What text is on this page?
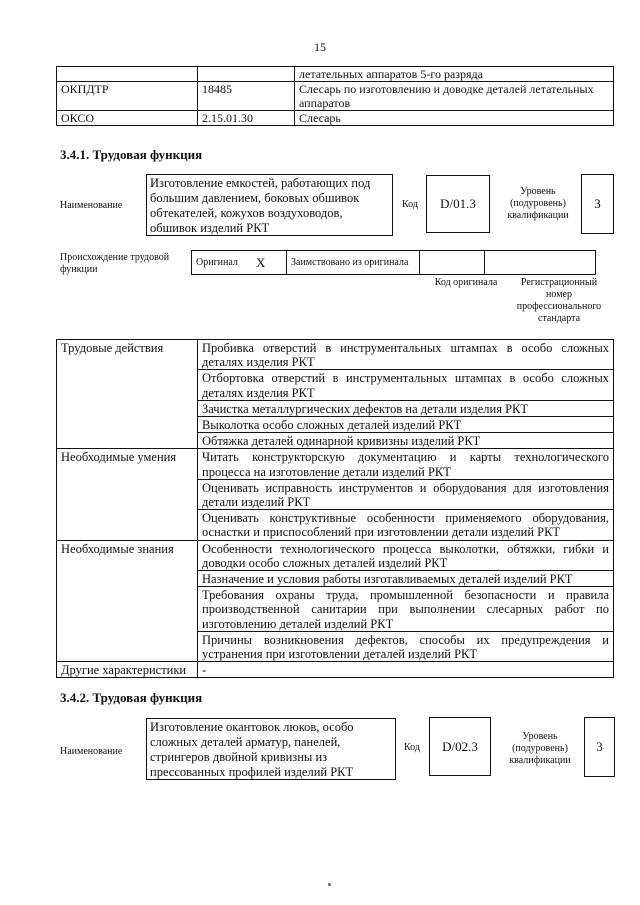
15
		летательных аппаратов 5-го разряда
ОКПДТР	18485	Слесарь по изготовлению и доводке деталей летательных аппаратов
ОКСО	2.15.01.30	Слесарь
3.4.1. Трудовая функция
Наименование
Изготовление емкостей, работающих под большим давлением, боковых обшивок обтекателей, кожухов воздуховодов, обшивок изделий РКТ
Код D/01.3
Уровень (подуровень) квалификации
3
Происхождение трудовой функции
Оригинал	X	Заимствовано из оригинала		
Код оригинала	Регистрационный номер профессионального стандарта
Трудовые действия	Пробивка отверстий в инструментальных штампах в особо сложных деталях изделия РКТ
	Отбортовка отверстий в инструментальных штампах в особо сложных деталях изделия РКТ
	Зачистка металлургических дефектов на детали изделия РКТ
	Выколотка особо сложных деталей изделий РКТ
	Обтяжка деталей одинарной кривизны изделий РКТ
Необходимые умения	Читать конструкторскую документацию и карты технологического процесса на изготовление детали изделий РКТ
	Оценивать исправность инструментов и оборудования для изготовления детали изделий РКТ
	Оценивать конструктивные особенности применяемого оборудования, оснастки и приспособлений при изготовлении детали изделий РКТ
Необходимые знания	Особенности технологического процесса выколотки, обтяжки, гибки и доводки особо сложных деталей изделий РКТ
	Назначение и условия работы изготавливаемых деталей изделий РКТ
	Требования охраны труда, промышленной безопасности и правила производственной санитарии при выполнении слесарных работ по изготовлению деталей изделий РКТ
	Причины возникновения дефектов, способы их предупреждения и устранения при изготовлении деталей изделий РКТ
Другие характеристики	-
3.4.2. Трудовая функция
Наименование
Изготовление окантовок люков, особо сложных деталей арматур, панелей, стрингеров двойной кривизны из прессованных профилей изделий РКТ
Код D/02.3
Уровень (подуровень) квалификации
3
